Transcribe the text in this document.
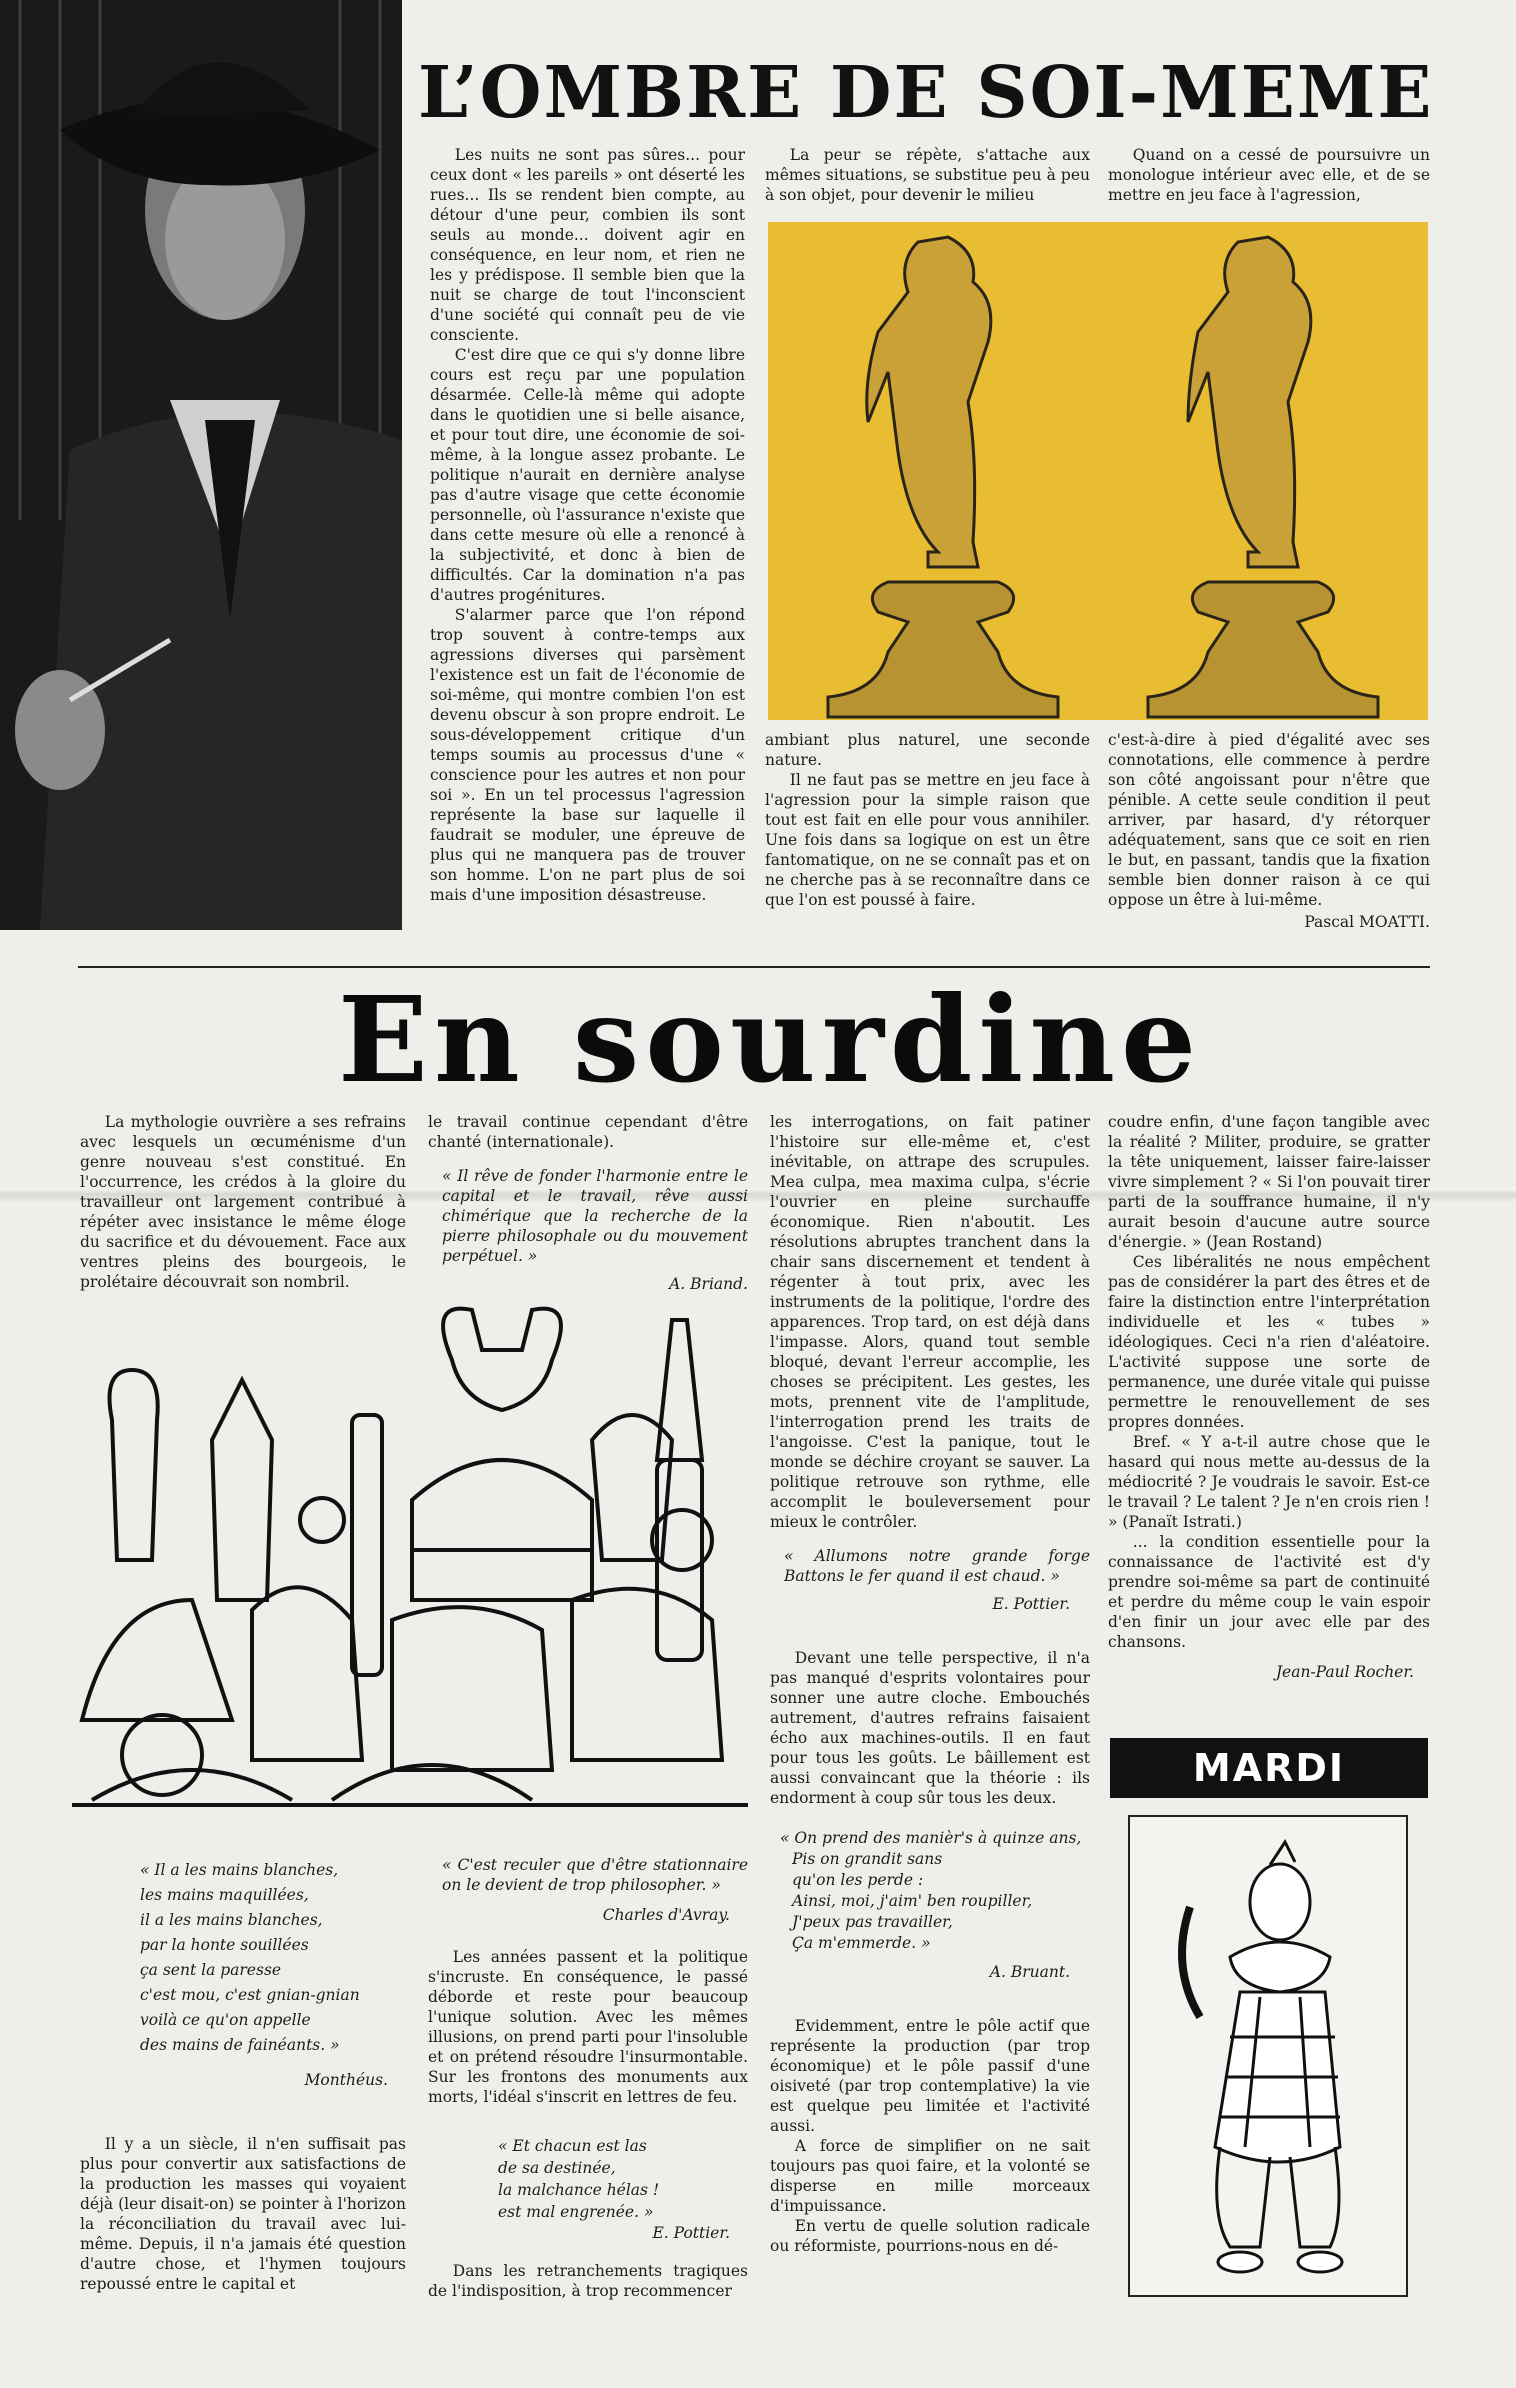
L’OMBRE DE SOI-MEME

Les nuits ne sont pas sûres... pour ceux dont « les pareils » ont déserté les rues... Ils se rendent bien compte, au détour d'une peur, combien ils sont seuls au monde... doivent agir en conséquence, en leur nom, et rien ne les y prédispose. Il semble bien que la nuit se charge de tout l'inconscient d'une société qui connaît peu de vie consciente.

C'est dire que ce qui s'y donne libre cours est reçu par une population désarmée. Celle-là même qui adopte dans le quotidien une si belle aisance, et pour tout dire, une économie de soi-même, à la longue assez probante. Le politique n'aurait en dernière analyse pas d'autre visage que cette économie personnelle, où l'assurance n'existe que dans cette mesure où elle a renoncé à la subjectivité, et donc à bien de difficultés. Car la domination n'a pas d'autres progénitures.

S'alarmer parce que l'on répond trop souvent à contre-temps aux agressions diverses qui parsèment l'existence est un fait de l'économie de soi-même, qui montre combien l'on est devenu obscur à son propre endroit. Le sous-développement critique d'un temps soumis au processus d'une « conscience pour les autres et non pour soi ». En un tel processus l'agression représente la base sur laquelle il faudrait se moduler, une épreuve de plus qui ne manquera pas de trouver son homme. L'on ne part plus de soi mais d'une imposition désastreuse.

La peur se répète, s'attache aux mêmes situations, se substitue peu à peu à son objet, pour devenir le milieu

Quand on a cessé de poursuivre un monologue intérieur avec elle, et de se mettre en jeu face à l'agression,

ambiant plus naturel, une seconde nature.

Il ne faut pas se mettre en jeu face à l'agression pour la simple raison que tout est fait en elle pour vous annihiler. Une fois dans sa logique on est un être fantomatique, on ne se connaît pas et on ne cherche pas à se reconnaître dans ce que l'on est poussé à faire.

c'est-à-dire à pied d'égalité avec ses connotations, elle commence à perdre son côté angoissant pour n'être que pénible. A cette seule condition il peut arriver, par hasard, d'y rétorquer adéquatement, sans que ce soit en rien le but, en passant, tandis que la fixation semble bien donner raison à ce qui oppose un être à lui-même.

Pascal MOATTI.

En sourdine

La mythologie ouvrière a ses refrains avec lesquels un œcuménisme d'un genre nouveau s'est constitué. En l'occurrence, les crédos à la gloire du travailleur ont largement contribué à répéter avec insistance le même éloge du sacrifice et du dévouement. Face aux ventres pleins des bourgeois, le prolétaire découvrait son nombril.

le travail continue cependant d'être chanté (internationale).

« Il rêve de fonder l'harmonie entre le capital et le travail, rêve aussi chimérique que la recherche de la pierre philosophale ou du mouvement perpétuel. »

A. Briand.

« Il a les mains blanches,

les mains maquillées,

il a les mains blanches,

par la honte souillées

ça sent la paresse

c'est mou, c'est gnian-gnian

voilà ce qu'on appelle

des mains de fainéants. »

Monthéus.

Il y a un siècle, il n'en suffisait pas plus pour convertir aux satisfactions de la production les masses qui voyaient déjà (leur disait-on) se pointer à l'horizon la réconciliation du travail avec lui-même. Depuis, il n'a jamais été question d'autre chose, et l'hymen toujours repoussé entre le capital et

« C'est reculer que d'être stationnaire on le devient de trop philosopher. »

Charles d'Avray.

Les années passent et la politique s'incruste. En conséquence, le passé déborde et reste pour beaucoup l'unique solution. Avec les mêmes illusions, on prend parti pour l'insoluble et on prétend résoudre l'insurmontable. Sur les frontons des monuments aux morts, l'idéal s'inscrit en lettres de feu.

« Et chacun est las

de sa destinée,

la malchance hélas !

est mal engrenée. »

E. Pottier.

Dans les retranchements tragiques de l'indisposition, à trop recommencer

les interrogations, on fait patiner l'histoire sur elle-même et, c'est inévitable, on attrape des scrupules. Mea culpa, mea maxima culpa, s'écrie l'ouvrier en pleine surchauffe économique. Rien n'aboutit. Les résolutions abruptes tranchent dans la chair sans discernement et tendent à régenter à tout prix, avec les instruments de la politique, l'ordre des apparences. Trop tard, on est déjà dans l'impasse. Alors, quand tout semble bloqué, devant l'erreur accomplie, les choses se précipitent. Les gestes, les mots, prennent vite de l'amplitude, l'interrogation prend les traits de l'angoisse. C'est la panique, tout le monde se déchire croyant se sauver. La politique retrouve son rythme, elle accomplit le bouleversement pour mieux le contrôler.

« Allumons notre grande forge Battons le fer quand il est chaud. »

E. Pottier.

Devant une telle perspective, il n'a pas manqué d'esprits volontaires pour sonner une autre cloche. Embouchés autrement, d'autres refrains faisaient écho aux machines-outils. Il en faut pour tous les goûts. Le bâillement est aussi convaincant que la théorie : ils endorment à coup sûr tous les deux.

« On prend des manièr's à quinze ans,

Pis on grandit sans

qu'on les perde :

Ainsi, moi, j'aim' ben roupiller,

J'peux pas travailler,

Ça m'emmerde. »

A. Bruant.

Evidemment, entre le pôle actif que représente la production (par trop économique) et le pôle passif d'une oisiveté (par trop contemplative) la vie est quelque peu limitée et l'activité aussi.

A force de simplifier on ne sait toujours pas quoi faire, et la volonté se disperse en mille morceaux d'impuissance.

En vertu de quelle solution radicale ou réformiste, pourrions-nous en dé-

coudre enfin, d'une façon tangible avec la réalité ? Militer, produire, se gratter la tête uniquement, laisser faire-laisser vivre simplement ? « Si l'on pouvait tirer parti de la souffrance humaine, il n'y aurait besoin d'aucune autre source d'énergie. » (Jean Rostand)

Ces libéralités ne nous empêchent pas de considérer la part des êtres et de faire la distinction entre l'interprétation individuelle et les « tubes » idéologiques. Ceci n'a rien d'aléatoire. L'activité suppose une sorte de permanence, une durée vitale qui puisse permettre le renouvellement de ses propres données.

Bref. « Y a-t-il autre chose que le hasard qui nous mette au-dessus de la médiocrité ? Je voudrais le savoir. Est-ce le travail ? Le talent ? Je n'en crois rien ! » (Panaït Istrati.)

... la condition essentielle pour la connaissance de l'activité est d'y prendre soi-même sa part de continuité et perdre du même coup le vain espoir d'en finir un jour avec elle par des chansons.

Jean-Paul Rocher.

MARDI
